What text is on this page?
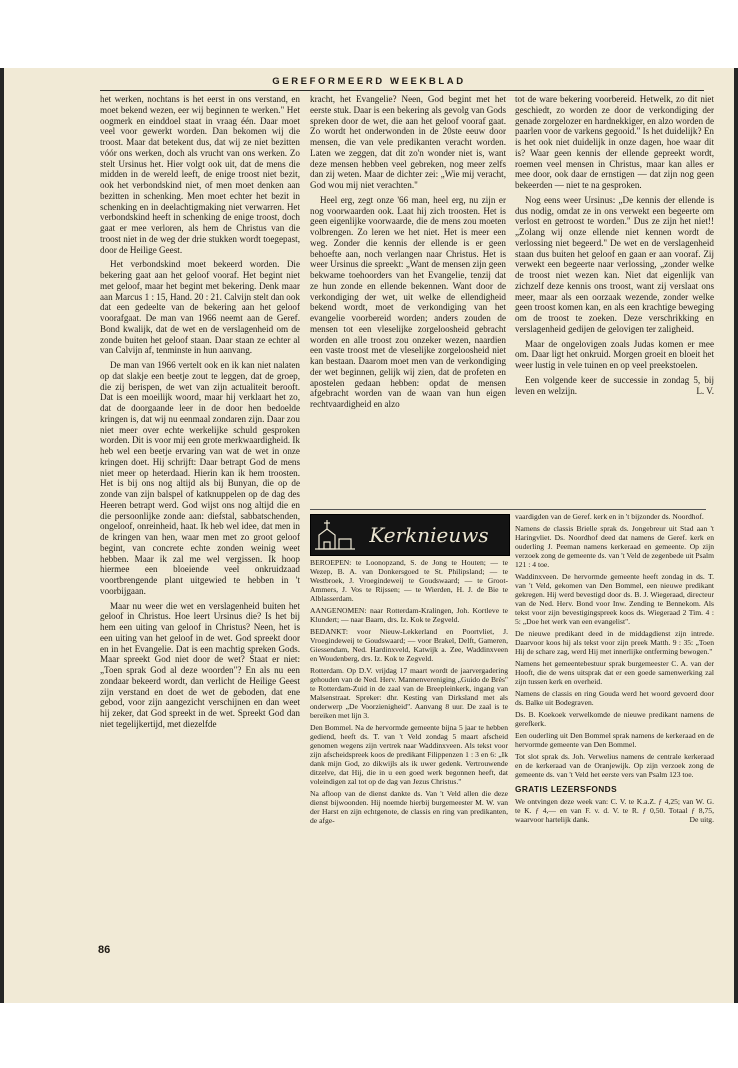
GEREFORMEERD WEEKBLAD

het werken, nochtans is het eerst in ons verstand, en moet bekend wezen, eer wij beginnen te werken." Het oogmerk en einddoel staat in vraag één. Daar moet veel voor gewerkt worden. Dan bekomen wij die troost. Maar dat betekent dus, dat wij ze niet bezitten vóór ons werken, doch als vrucht van ons werken. Zo stelt Ursinus het. Hier volgt ook uit, dat de mens die midden in de wereld leeft, de enige troost niet bezit, ook het verbondskind niet, of men moet denken aan bezitten in schenking. Men moet echter het bezit in schenking en in deelachtigmaking niet verwarren. Het verbondskind heeft in schenking de enige troost, doch gaat er mee verloren, als hem de Christus van die troost niet in de weg der drie stukken wordt toegepast, door de Heilige Geest.

Het verbondskind moet bekeerd worden. Die bekering gaat aan het geloof vooraf. Het begint niet met geloof, maar het begint met bekering. Denk maar aan Marcus 1 : 15, Hand. 20 : 21. Calvijn stelt dan ook dat een gedeelte van de bekering aan het geloof voorafgaat. De man van 1966 neemt aan de Geref. Bond kwalijk, dat de wet en de verslagenheid om de zonde buiten het geloof staan. Daar staan ze echter al van Calvijn af, tenminste in hun aanvang.

De man van 1966 vertelt ook en ik kan niet nalaten op dat slakje een beetje zout te leggen, dat de groep, die zij berispen, de wet van zijn actualiteit berooft. Dat is een moeilijk woord, maar hij verklaart het zo, dat de doorgaande leer in de door hen bedoelde kringen is, dat wij nu eenmaal zondaren zijn. Daar zou niet meer over echte werkelijke schuld gesproken worden. Dit is voor mij een grote merkwaardigheid. Ik heb wel een beetje ervaring van wat de wet in onze kringen doet. Hij schrijft: Daar betrapt God de mens niet meer op heterdaad. Hierin kan ik hem troosten. Het is bij ons nog altijd als bij Bunyan, die op de zonde van zijn balspel of katknuppelen op de dag des Heeren betrapt werd. God wijst ons nog altijd die en die persoonlijke zonde aan: diefstal, sabbatschenden, ongeloof, onreinheid, haat. Ik heb wel idee, dat men in de kringen van hen, waar men met zo groot geloof begint, van concrete echte zonden weinig weet hebben. Maar ik zal me wel vergissen. Ik hoop hiermee een bloeiende veel onkruidzaad voortbrengende plant uitgewied te hebben in 't voorbijgaan.

Maar nu weer die wet en verslagenheid buiten het geloof in Christus. Hoe leert Ursinus die? Is het bij hem een uiting van geloof in Christus? Neen, het is een uiting van het geloof in de wet. God spreekt door en in het Evangelie. Dat is een machtig spreken Gods. Maar spreekt God niet door de wet? Staat er niet: „Toen sprak God al deze woorden"? En als nu een zondaar bekeerd wordt, dan verlicht de Heilige Geest zijn verstand en doet de wet de geboden, dat ene gebod, voor zijn aangezicht verschijnen en dan weet hij zeker, dat God spreekt in de wet. Spreekt God dan niet tegelijkertijd, met diezelfde

kracht, het Evangelie? Neen, God begint met het eerste stuk. Daar is een bekering als gevolg van Gods spreken door de wet, die aan het geloof vooraf gaat. Zo wordt het onderwonden in de 20ste eeuw door mensen, die van vele predikanten veracht worden. Laten we zeggen, dat dit zo'n wonder niet is, want deze mensen hebben veel gebreken, nog meer zelfs dan zij weten. Maar de dichter zei: „Wie mij veracht, God wou mij niet verachten."

Heel erg, zegt onze '66 man, heel erg, nu zijn er nog voorwaarden ook. Laat hij zich troosten. Het is geen eigenlijke voorwaarde, die de mens zou moeten volbrengen. Zo leren we het niet. Het is meer een weg. Zonder die kennis der ellende is er geen behoefte aan, noch verlangen naar Christus. Het is weer Ursinus die spreekt: „Want de mensen zijn geen bekwame toehoorders van het Evangelie, tenzij dat ze hun zonde en ellende bekennen. Want door de verkondiging der wet, uit welke de ellendigheid bekend wordt, moet de verkondiging van het evangelie voorbereid worden; anders zouden de mensen tot een vleselijke zorgeloosheid gebracht worden en alle troost zou onzeker wezen, naardien een vaste troost met de vleselijke zorgeloosheid niet kan bestaan. Daarom moet men van de verkondiging der wet beginnen, gelijk wij zien, dat de profeten en apostelen gedaan hebben: opdat de mensen afgebracht worden van de waan van hun eigen rechtvaardigheid en alzo

tot de ware bekering voorbereid. Hetwelk, zo dit niet geschiedt, zo worden ze door de verkondiging der genade zorgelozer en hardnekkiger, en alzo worden de paarlen voor de varkens gegooid." Is het duidelijk? En is het ook niet duidelijk in onze dagen, hoe waar dit is? Waar geen kennis der ellende gepreekt wordt, roemen veel mensen in Christus, maar kan alles er mee door, ook daar de ernstigen — dat zijn nog geen bekeerden — niet te na gesproken.

Nog eens weer Ursinus: „De kennis der ellende is dus nodig, omdat ze in ons verwekt een begeerte om verlost en getroost te worden." Dus ze zijn het niet!! „Zolang wij onze ellende niet kennen wordt de verlossing niet begeerd." De wet en de verslagenheid staan dus buiten het geloof en gaan er aan vooraf. Zij verwekt een begeerte naar verlossing, „zonder welke de troost niet wezen kan. Niet dat eigenlijk van zichzelf deze kennis ons troost, want zij verslaat ons meer, maar als een oorzaak wezende, zonder welke geen troost komen kan, en als een krachtige beweging om de troost te zoeken. Deze verschrikking en verslagenheid gedijen de gelovigen ter zaligheid.

Maar de ongelovigen zoals Judas komen er mee om. Daar ligt het onkruid. Morgen groeit en bloeit het weer lustig in vele tuinen en op veel preekstoelen.

Een volgende keer de successie in zondag 5, bij leven en welzijn.	L. V.

Kerknieuws

BEROEPEN: te Loonopzand, S. de Jong te Houten; — te Wezep, B. A. van Donkersgoed te St. Philipsland; — te Westbroek, J. Vroegindeweij te Goudswaard; — te Groot-Ammers, J. Vos te Rijssen; — te Wierden, H. J. de Bie te Alblasserdam.

AANGENOMEN: naar Rotterdam-Kralingen, Joh. Kortleve te Klundert; — naar Baarn, drs. Iz. Kok te Zegveld.

BEDANKT: voor Nieuw-Lekkerland en Poortvliet, J. Vroegindeweij te Goudswaard; — voor Brakel, Delft, Gameren, Giessendam, Ned. Hardinxveld, Katwijk a. Zee, Waddinxveen en Woudenberg, drs. Iz. Kok te Zegveld.

Rotterdam. Op D.V. vrijdag 17 maart wordt de jaarvergadering gehouden van de Ned. Herv. Mannenvereniging „Guido de Brès" te Rotterdam-Zuid in de zaal van de Breepleinkerk, ingang van Malsenstraat. Spreker: dhr. Kesting van Dirksland met als onderwerp „De Voorzienigheid". Aanvang 8 uur. De zaal is te bereiken met lijn 3.

Den Bommel. Na de hervormde gemeente bijna 5 jaar te hebben gediend, heeft ds. T. van 't Veld zondag 5 maart afscheid genomen wegens zijn vertrek naar Waddinxveen. Als tekst voor zijn afscheidspreek koos de predikant Filippenzen 1 : 3 en 6: „Ik dank mijn God, zo dikwijls als ik uwer gedenk. Vertrouwende ditzelve, dat Hij, die in u een goed werk begonnen heeft, dat voleindigen zal tot op de dag van Jezus Christus."

Na afloop van de dienst dankte ds. Van 't Veld allen die deze dienst bijwoonden. Hij noemde hierbij burgemeester M. W. van der Harst en zijn echtgenote, de classis en ring van predikanten, de afge-

vaardigden van de Geref. kerk en in 't bijzonder ds. Noordhof.

Namens de classis Brielle sprak ds. Jongebreur uit Stad aan 't Haringvliet. Ds. Noordhof deed dat namens de Geref. kerk en ouderling J. Peeman namens kerkeraad en gemeente. Op zijn verzoek zong de gemeente ds. van 't Veld de zegenbede uit Psalm 121 : 4 toe.

Waddinxveen. De hervormde gemeente heeft zondag in ds. T. van 't Veld, gekomen van Den Bommel, een nieuwe predikant gekregen. Hij werd bevestigd door ds. B. J. Wiegeraad, directeur van de Ned. Herv. Bond voor Inw. Zending te Bennekom. Als tekst voor zijn bevestigingspreek koos ds. Wiegeraad 2 Tim. 4 : 5: „Doe het werk van een evangelist".

De nieuwe predikant deed in de middagdienst zijn intrede. Daarvoor koos hij als tekst voor zijn preek Matth. 9 : 35: „Toen Hij de schare zag, werd Hij met innerlijke ontferming bewogen."

Namens het gemeentebestuur sprak burgemeester C. A. van der Hooft, die de wens uitsprak dat er een goede samenwerking zal zijn tussen kerk en overheid.

Namens de classis en ring Gouda werd het woord gevoerd door ds. Balke uit Bodegraven.

Ds. B. Koekoek verwelkomde de nieuwe predikant namens de gerefkerk.

Een ouderling uit Den Bommel sprak namens de kerkeraad en de hervormde gemeente van Den Bommel.

Tot slot sprak ds. Joh. Verwelius namens de centrale kerkeraad en de kerkeraad van de Oranjewijk. Op zijn verzoek zong de gemeente ds. van 't Veld het eerste vers van Psalm 123 toe.

GRATIS LEZERSFONDS

We ontvingen deze week van: C. V. te K.a.Z. ƒ 4,25; van W. G. te K. ƒ 4,— en van F. v. d. V. te R. ƒ 0,50. Totaal ƒ 8,75, waarvoor hartelijk dank.	De uitg.

86
